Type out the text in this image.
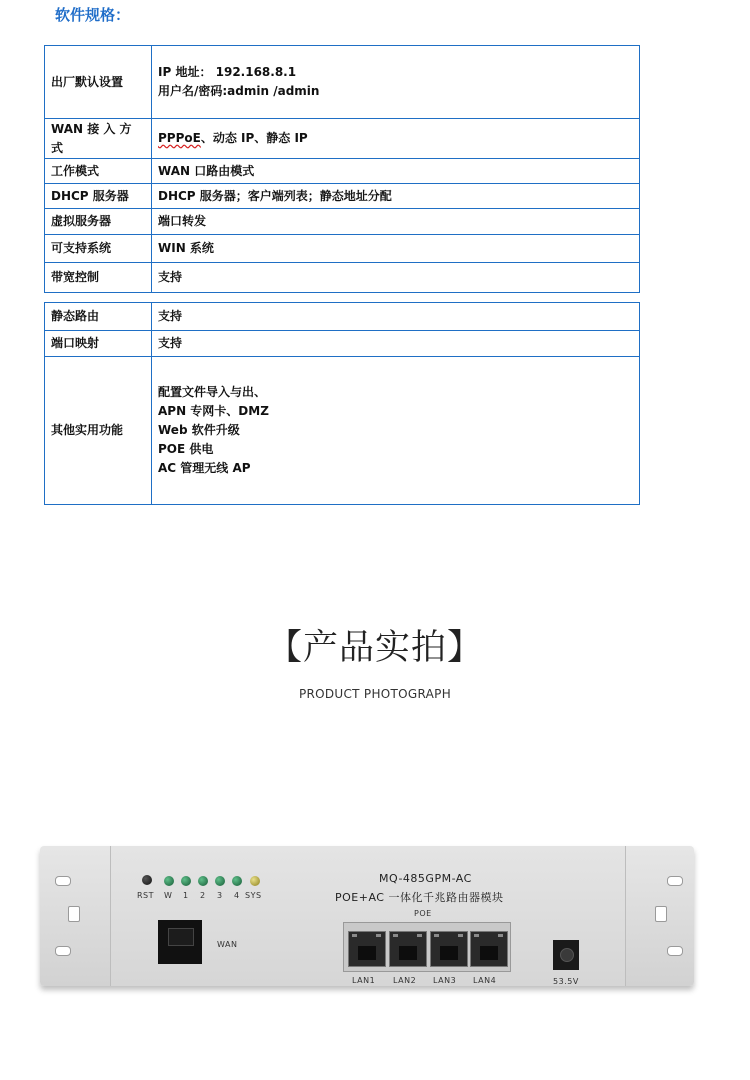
软件规格：
出厂默认设置	IP 地址： 192.168.8.1
用户名/密码:admin /admin

WAN 接 入 方 式	PPPoE、动态 IP、静态 IP
工作模式	WAN 口路由模式
DHCP 服务器	DHCP 服务器；客户端列表；静态地址分配
虚拟服务器	端口转发
可支持系统	WIN 系统
带宽控制	支持
静态路由	支持
端口映射	支持
其他实用功能	配置文件导入与出、
APN 专网卡、DMZ
Web 软件升级
POE 供电
AC 管理无线 AP
【产品实拍】
PRODUCT PHOTOGRAPH
RST W 1 2 3 4 SYS
MQ-485GPM-AC
POE+AC 一体化千兆路由器模块
POE
WAN
LAN1 LAN2 LAN3 LAN4	53.5V
